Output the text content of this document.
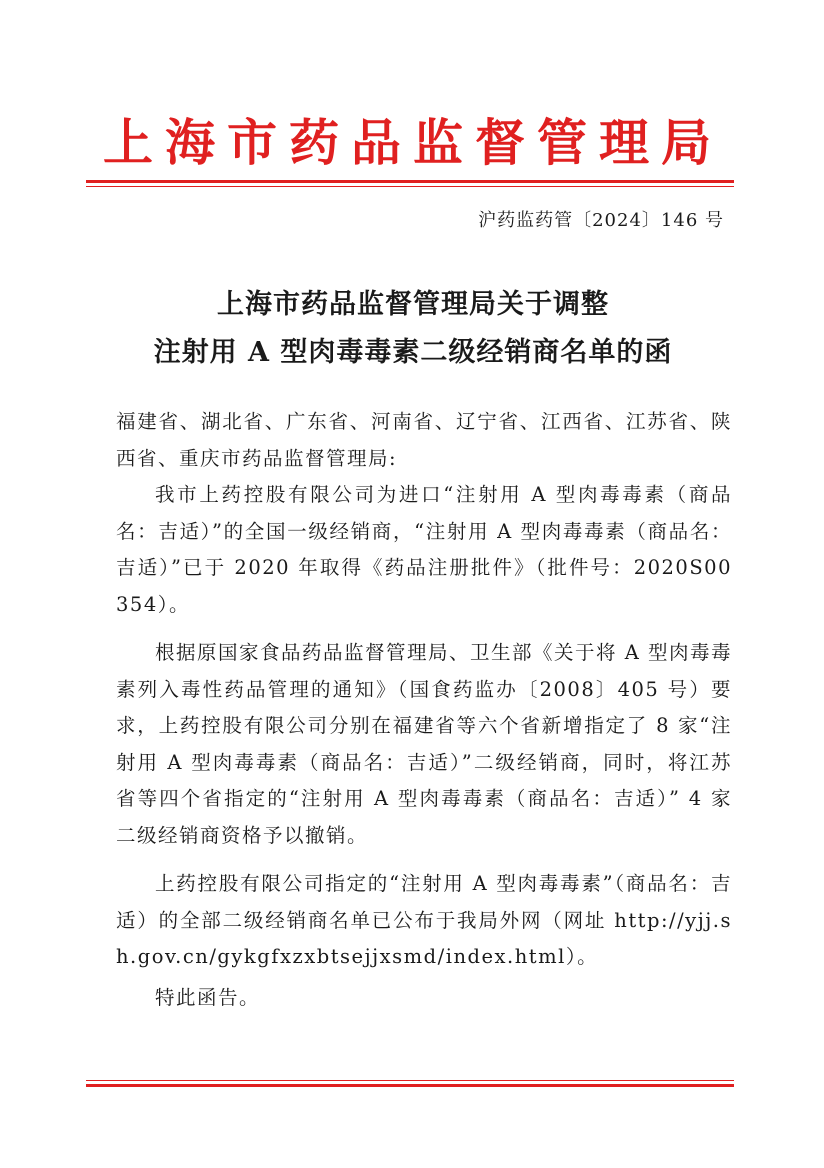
上海市药品监督管理局
沪药监药管〔2024〕146 号
上海市药品监督管理局关于调整
注射用 A 型肉毒毒素二级经销商名单的函

福建省、湖北省、广东省、河南省、辽宁省、江西省、江苏省、陕西省、重庆市药品监督管理局:

我市上药控股有限公司为进口“注射用 A 型肉毒毒素（商品名：吉适）”的全国一级经销商，“注射用 A 型肉毒毒素（商品名：吉适）”已于 2020 年取得《药品注册批件》（批件号：2020S00354）。

根据原国家食品药品监督管理局、卫生部《关于将 A 型肉毒毒素列入毒性药品管理的通知》（国食药监办〔2008〕405 号）要求，上药控股有限公司分别在福建省等六个省新增指定了 8 家“注射用 A 型肉毒毒素（商品名：吉适）”二级经销商，同时，将江苏省等四个省指定的“注射用 A 型肉毒毒素（商品名：吉适）” 4 家二级经销商资格予以撤销。

上药控股有限公司指定的“注射用 A 型肉毒毒素”（商品名：吉适）的全部二级经销商名单已公布于我局外网（网址 http://yjj.sh.gov.cn/gykgfxzxbtsejjxsmd/index.html）。

特此函告。
